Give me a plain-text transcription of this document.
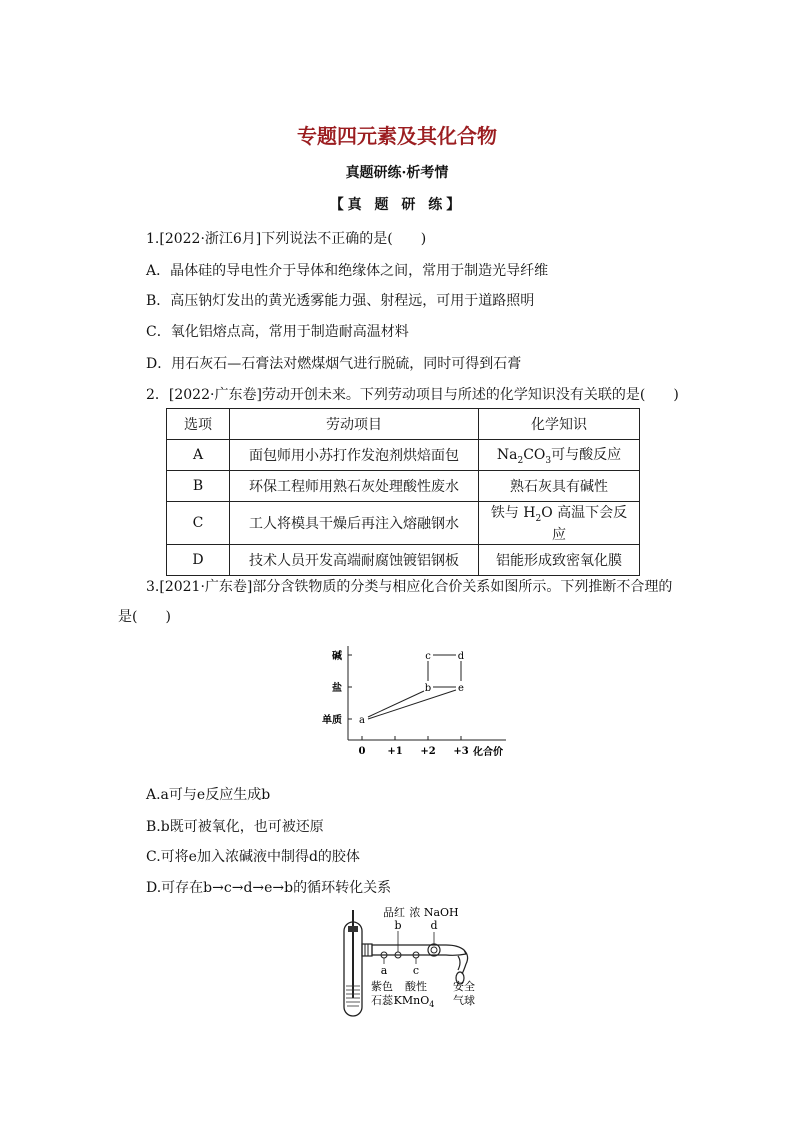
专题四元素及其化合物
真题研练·析考情
【真 题 研 练】
1.[2022·浙江6月]下列说法不正确的是( )
A．晶体硅的导电性介于导体和绝缘体之间，常用于制造光导纤维
B．高压钠灯发出的黄光透雾能力强、射程远，可用于道路照明
C．氧化铝熔点高，常用于制造耐高温材料
D．用石灰石—石膏法对燃煤烟气进行脱硫，同时可得到石膏
2．[2022·广东卷]劳动开创未来。下列劳动项目与所述的化学知识没有关联的是( )
选项	劳动项目	化学知识
A	面包师用小苏打作发泡剂烘焙面包	$Na_2CO_3$可与酸反应
B	环保工程师用熟石灰处理酸性废水	熟石灰具有碱性
C	工人将模具干燥后再注入熔融钢水	铁与 $H_2O$ 高温下会反应
D	技术人员开发高端耐腐蚀镀铝钢板	铝能形成致密氧化膜
3.[2021·广东卷]部分含铁物质的分类与相应化合价关系如图所示。下列推断不合理的
是( )
0 +1 +2 +3 化合价
单质
盐
碱
a
b
c	d
e
A.a可与e反应生成b
B.b既可被氧化，也可被还原
C.可将e加入浓碱液中制得d的胶体
D.可存在b→c→d→e→b的循环转化关系
品红 浓 NaOH
b	d
a c
紫色
石蕊
酸性
KMnO$_4$
安全
气球
